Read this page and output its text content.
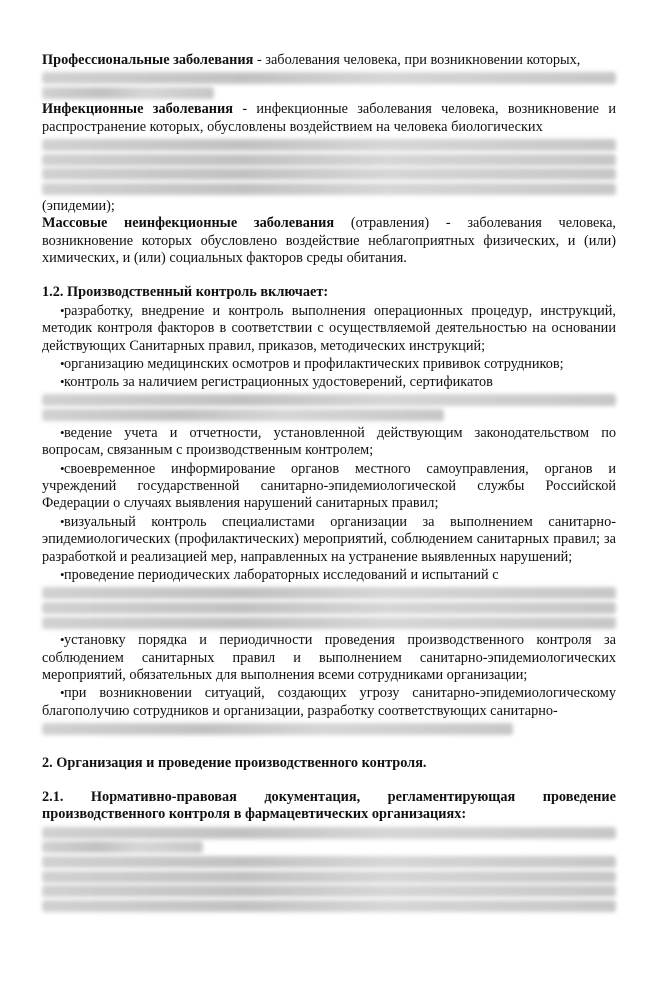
Профессиональные заболевания - заболевания человека, при возникновении которых,

Инфекционные заболевания - инфекционные заболевания человека, возникновение и распространение которых, обусловлены воздействием на человека биологических

(эпидемии);

Массовые неинфекционные заболевания (отравления) - заболевания человека, возникновение которых обусловлено воздействие неблагоприятных физических, и (или) химических, и (или) социальных факторов среды обитания.

1.2. Производственный контроль включает:

• разработку, внедрение и контроль выполнения операционных процедур, инструкций, методик контроля факторов в соответствии с осуществляемой деятельностью на основании действующих Санитарных правил, приказов, методических инструкций;

• организацию медицинских осмотров и профилактических прививок сотрудников;

• контроль за наличием регистрационных удостоверений, сертификатов

• ведение учета и отчетности, установленной действующим законодательством по вопросам, связанным с производственным контролем;

• своевременное информирование органов местного самоуправления, органов и учреждений государственной санитарно-эпидемиологической службы Российской Федерации о случаях выявления нарушений санитарных правил;

• визуальный контроль специалистами организации за выполнением санитарно-эпидемиологических (профилактических) мероприятий, соблюдением санитарных правил; за разработкой и реализацией мер, направленных на устранение выявленных нарушений;

• проведение периодических лабораторных исследований и испытаний с

• установку порядка и периодичности проведения производственного контроля за соблюдением санитарных правил и выполнением санитарно-эпидемиологических мероприятий, обязательных для выполнения всеми сотрудниками организации;

• при возникновении ситуаций, создающих угрозу санитарно-эпидемиологическому благополучию сотрудников и организации, разработку соответствующих санитарно-

2. Организация и проведение производственного контроля.
2.1. Нормативно-правовая документация, регламентирующая проведение производственного контроля в фармацевтических организациях:
